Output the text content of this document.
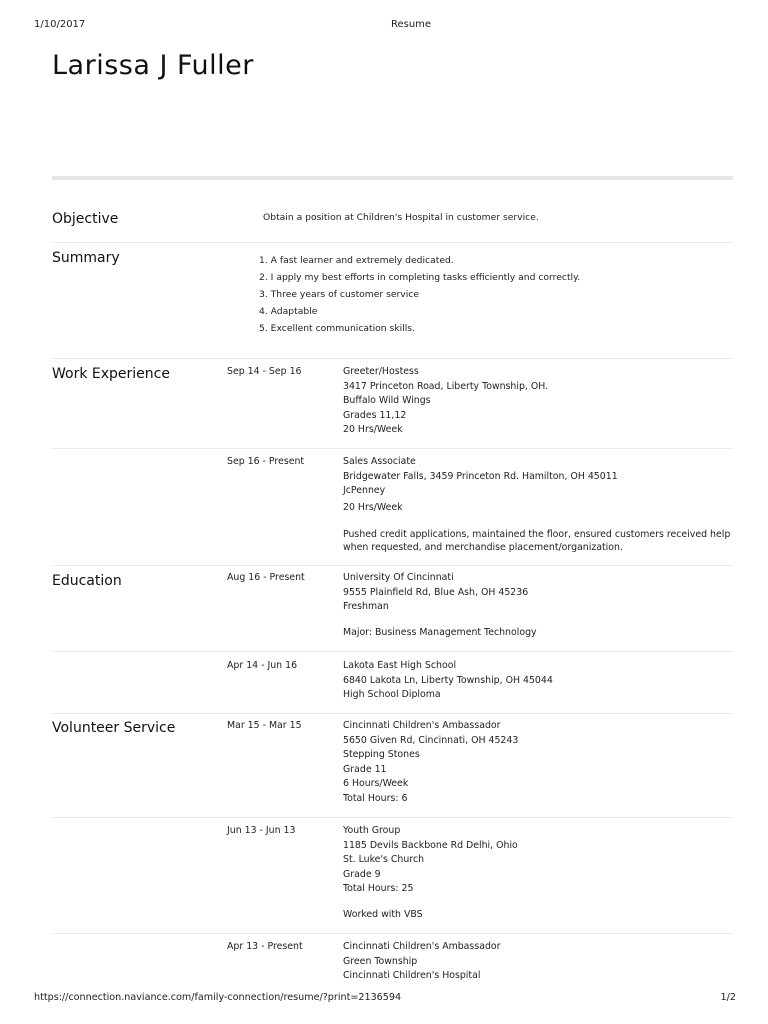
1/10/2017	Resume
Larissa J Fuller
Objective	Obtain a position at Children's Hospital in customer service.
Summary	1. A fast learner and extremely dedicated.
2. I apply my best efforts in completing tasks efficiently and correctly.
3. Three years of customer service
4. Adaptable
5. Excellent communication skills.
Work Experience	Sep 14 - Sep 16	Greeter/Hostess
3417 Princeton Road, Liberty Township, OH.
Buffalo Wild Wings
Grades 11,12
20 Hrs/Week
Sep 16 - Present	Sales Associate
Bridgewater Falls, 3459 Princeton Rd. Hamilton, OH 45011
JcPenney
20 Hrs/Week
Pushed credit applications, maintained the floor, ensured customers received help when requested, and merchandise placement/organization.
Education	Aug 16 - Present	University Of Cincinnati
9555 Plainfield Rd, Blue Ash, OH 45236
Freshman
Major: Business Management Technology
Apr 14 - Jun 16	Lakota East High School
6840 Lakota Ln, Liberty Township, OH 45044
High School Diploma
Volunteer Service	Mar 15 - Mar 15	Cincinnati Children's Ambassador
5650 Given Rd, Cincinnati, OH 45243
Stepping Stones
Grade 11
6 Hours/Week
Total Hours: 6
Jun 13 - Jun 13	Youth Group
1185 Devils Backbone Rd Delhi, Ohio
St. Luke's Church
Grade 9
Total Hours: 25
Worked with VBS
Apr 13 - Present	Cincinnati Children's Ambassador
Green Township
Cincinnati Children's Hospital
https://connection.naviance.com/family-connection/resume/?print=2136594	1/2
